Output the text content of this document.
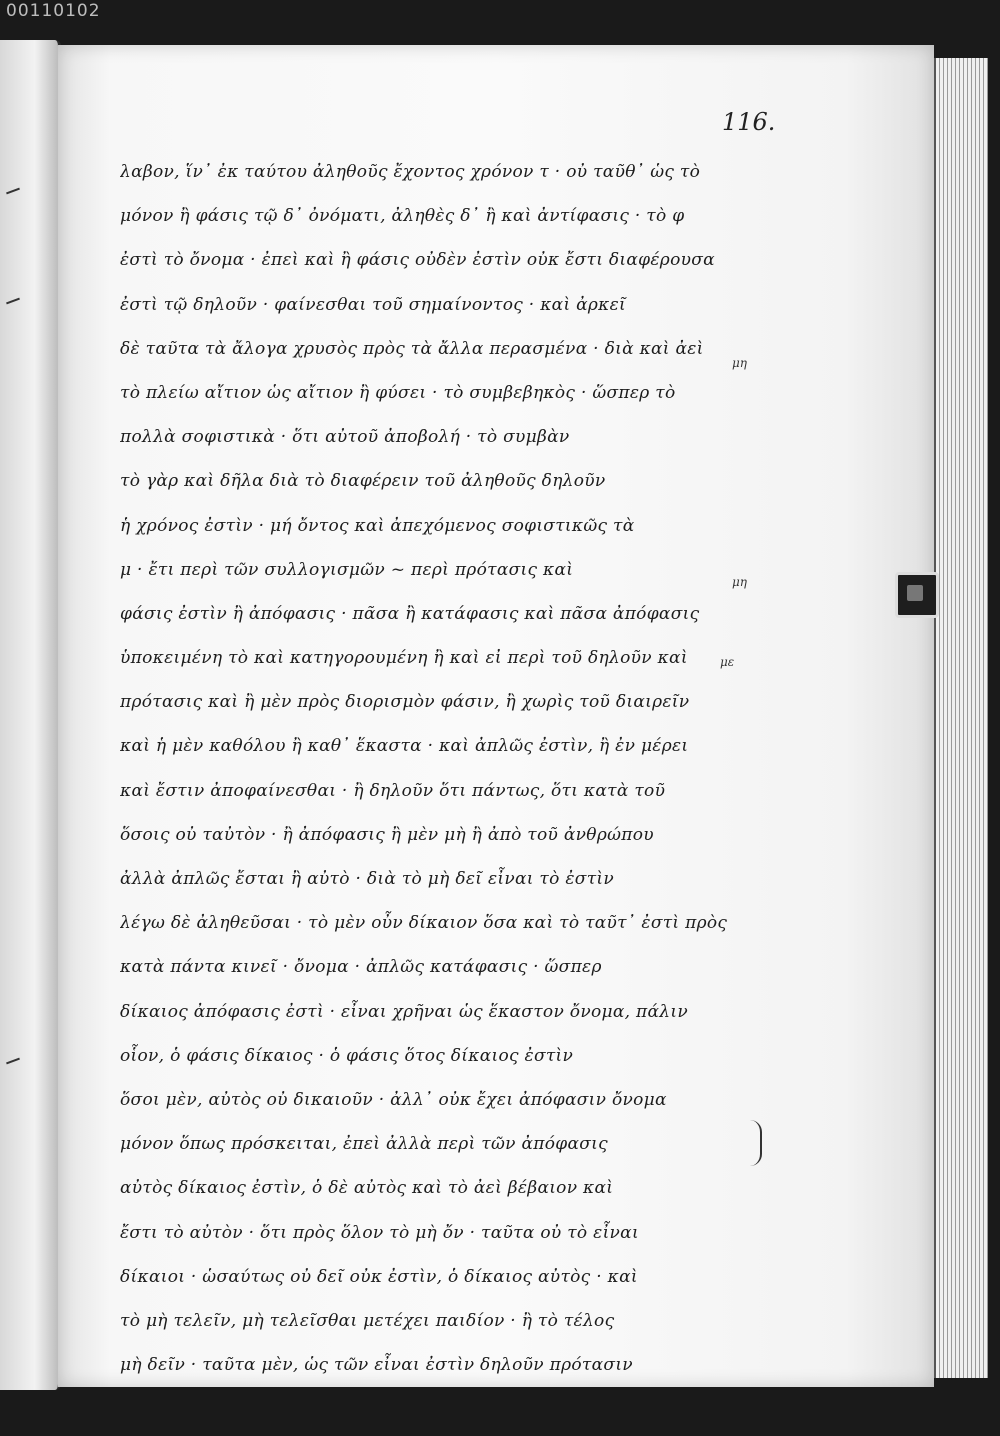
00110102
116.
λαβον, ἵν᾽ ἐκ ταύτου ἀληθοῦς ἔχοντος χρόνον τ · οὐ ταῦθ᾽ ὡς τὸ
μόνον ἢ φάσις τῷ δ᾽ ὀνόματι, ἀληθὲς δ᾽ ἢ καὶ ἀντίφασις · τὸ φ
ἐστὶ τὸ ὄνομα · ἐπεὶ καὶ ἢ φάσις οὐδὲν ἐστὶν οὐκ ἔστι διαφέρουσα
ἐστὶ τῷ δηλοῦν · φαίνεσθαι τοῦ σημαίνοντος · καὶ ἀρκεῖ
δὲ ταῦτα τὰ ἄλογα χρυσὸς πρὸς τὰ ἄλλα περασμένα · διὰ καὶ ἀεὶ
τὸ πλείω αἴτιον ὡς αἴτιον ἢ φύσει · τὸ συμβεβηκὸς · ὥσπερ τὸ
πολλὰ σοφιστικὰ · ὅτι αὐτοῦ ἀποβολή · τὸ συμβὰν
τὸ γὰρ καὶ δῆλα διὰ τὸ διαφέρειν τοῦ ἀληθοῦς δηλοῦν
ἡ χρόνος ἐστὶν · μή ὄντος καὶ ἀπεχόμενος σοφιστικῶς τὰ
μ · ἔτι περὶ τῶν συλλογισμῶν ~ περὶ πρότασις καὶ
φάσις ἐστὶν ἢ ἀπόφασις · πᾶσα ἢ κατάφασις καὶ πᾶσα ἀπόφασις
ὑποκειμένη τὸ καὶ κατηγορουμένη ἢ καὶ εἰ περὶ τοῦ δηλοῦν καὶ
πρότασις καὶ ἢ μὲν πρὸς διορισμὸν φάσιν, ἢ χωρὶς τοῦ διαιρεῖν
καὶ ἡ μὲν καθόλου ἢ καθ᾽ ἕκαστα · καὶ ἀπλῶς ἐστὶν, ἢ ἐν μέρει
καὶ ἔστιν ἀποφαίνεσθαι · ἢ δηλοῦν ὅτι πάντως, ὅτι κατὰ τοῦ
ὅσοις οὐ ταὐτὸν · ἢ ἀπόφασις ἢ μὲν μὴ ἢ ἀπὸ τοῦ ἀνθρώπου
ἀλλὰ ἀπλῶς ἔσται ἢ αὐτὸ · διὰ τὸ μὴ δεῖ εἶναι τὸ ἐστὶν
λέγω δὲ ἀληθεῦσαι · τὸ μὲν οὖν δίκαιον ὅσα καὶ τὸ ταῦτ᾽ ἐστὶ πρὸς
κατὰ πάντα κινεῖ · ὄνομα · ἀπλῶς κατάφασις · ὥσπερ
δίκαιος ἀπόφασις ἐστὶ · εἶναι χρῆναι ὡς ἕκαστον ὄνομα, πάλιν
οἷον, ὁ φάσις δίκαιος · ὁ φάσις ὅτος δίκαιος ἐστὶν
ὅσοι μὲν, αὐτὸς οὐ δικαιοῦν · ἀλλ᾽ οὐκ ἔχει ἀπόφασιν ὄνομα
μόνον ὅπως πρόσκειται, ἐπεὶ ἀλλὰ περὶ τῶν ἀπόφασις
αὐτὸς δίκαιος ἐστὶν, ὁ δὲ αὐτὸς καὶ τὸ ἀεὶ βέβαιον καὶ
ἔστι τὸ αὐτὸν · ὅτι πρὸς ὅλον τὸ μὴ ὄν · ταῦτα οὐ τὸ εἶναι
δίκαιοι · ὡσαύτως οὐ δεῖ οὐκ ἐστὶν, ὁ δίκαιος αὐτὸς · καὶ
τὸ μὴ τελεῖν, μὴ τελεῖσθαι μετέχει παιδίον · ἢ τὸ τέλος
μὴ δεῖν · ταῦτα μὲν, ὡς τῶν εἶναι ἐστὶν δηλοῦν πρότασιν
μη
μη
με
